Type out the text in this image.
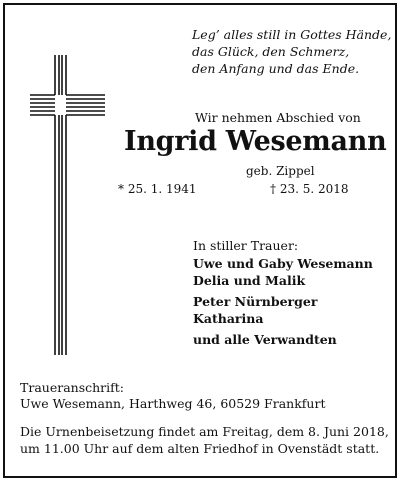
Leg’ alles still in Gottes Hände,
das Glück, den Schmerz,
den Anfang und das Ende.
Wir nehmen Abschied von
Ingrid Wesemann
geb. Zippel
* 25. 1. 1941	† 23. 5. 2018
In stiller Trauer:
Uwe und Gaby Wesemann
Delia und Malik
Peter Nürnberger
Katharina
und alle Verwandten
Traueranschrift:
Uwe Wesemann, Harthweg 46, 60529 Frankfurt
Die Urnenbeisetzung findet am Freitag, dem 8. Juni 2018,
um 11.00 Uhr auf dem alten Friedhof in Ovenstädt statt.
